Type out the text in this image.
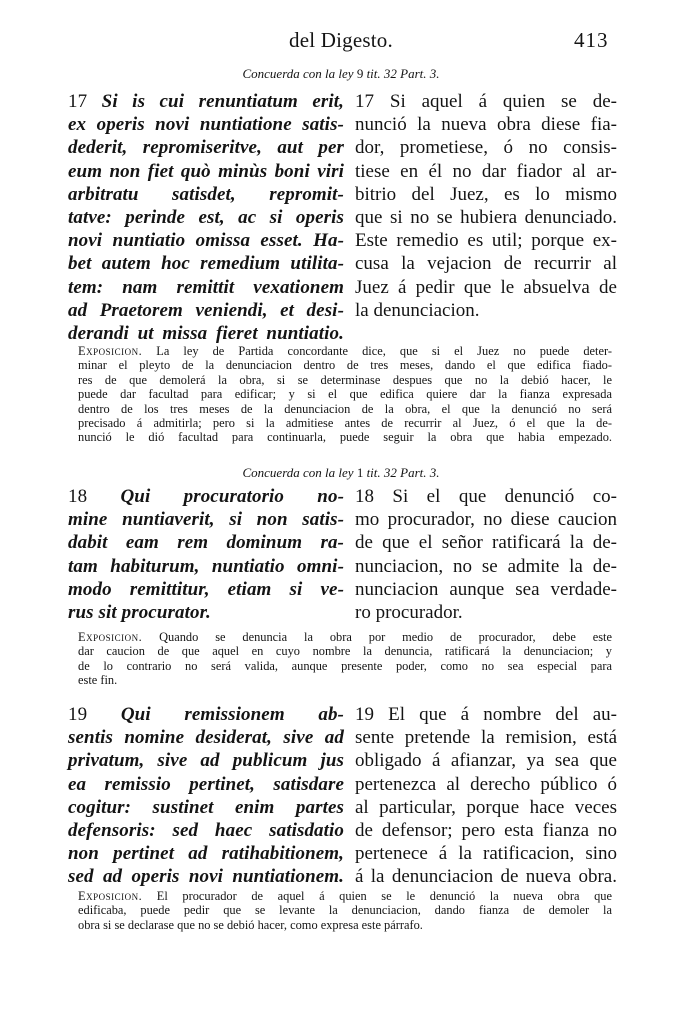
del Digesto.	413
Concuerda con la ley 9 tit. 32 Part. 3.
17 Si is cui renuntiatum erit,
ex operis novi nuntiatione satis-
dederit, repromiseritve, aut per
eum non fiet quò minùs boni viri
arbitratu satisdet, repromit-
tatve: perinde est, ac si operis
novi nuntiatio omissa esset. Ha-
bet autem hoc remedium utilita-
tem: nam remittit vexationem
ad Praetorem veniendi, et desi-
derandi ut missa fieret nuntiatio.
17 Si aquel á quien se de-
nunció la nueva obra diese fia-
dor, prometiese, ó no consis-
tiese en él no dar fiador al ar-
bitrio del Juez, es lo mismo
que si no se hubiera denunciado.
Este remedio es util; porque ex-
cusa la vejacion de recurrir al
Juez á pedir que le absuelva de
la denunciacion.
Exposicion. La ley de Partida concordante dice, que si el Juez no puede deter-
minar el pleyto de la denunciacion dentro de tres meses, dando el que edifica fiado-
res de que demolerá la obra, si se determinase despues que no la debió hacer, le
puede dar facultad para edificar; y si el que edifica quiere dar la fianza expresada
dentro de los tres meses de la denunciacion de la obra, el que la denunció no será
precisado á admitirla; pero si la admitiese antes de recurrir al Juez, ó el que la de-
nunció le dió facultad para continuarla, puede seguir la obra que habia empezado.
Concuerda con la ley 1 tit. 32 Part. 3.
18 Qui procuratorio no-
mine nuntiaverit, si non satis-
dabit eam rem dominum ra-
tam habiturum, nuntiatio omni-
modo remittitur, etiam si ve-
rus sit procurator.
18 Si el que denunció co-
mo procurador, no diese caucion
de que el señor ratificará la de-
nunciacion, no se admite la de-
nunciacion aunque sea verdade-
ro procurador.
Exposicion. Quando se denuncia la obra por medio de procurador, debe este
dar caucion de que aquel en cuyo nombre la denuncia, ratificará la denunciacion; y
de lo contrario no será valida, aunque presente poder, como no sea especial para
este fin.
19 Qui remissionem ab-
sentis nomine desiderat, sive ad
privatum, sive ad publicum jus
ea remissio pertinet, satisdare
cogitur: sustinet enim partes
defensoris: sed haec satisdatio
non pertinet ad ratihabitionem,
sed ad operis novi nuntiationem.
19 El que á nombre del au-
sente pretende la remision, está
obligado á afianzar, ya sea que
pertenezca al derecho público ó
al particular, porque hace veces
de defensor; pero esta fianza no
pertenece á la ratificacion, sino
á la denunciacion de nueva obra.
Exposicion. El procurador de aquel á quien se le denunció la nueva obra que
edificaba, puede pedir que se levante la denunciacion, dando fianza de demoler la
obra si se declarase que no se debió hacer, como expresa este párrafo.
